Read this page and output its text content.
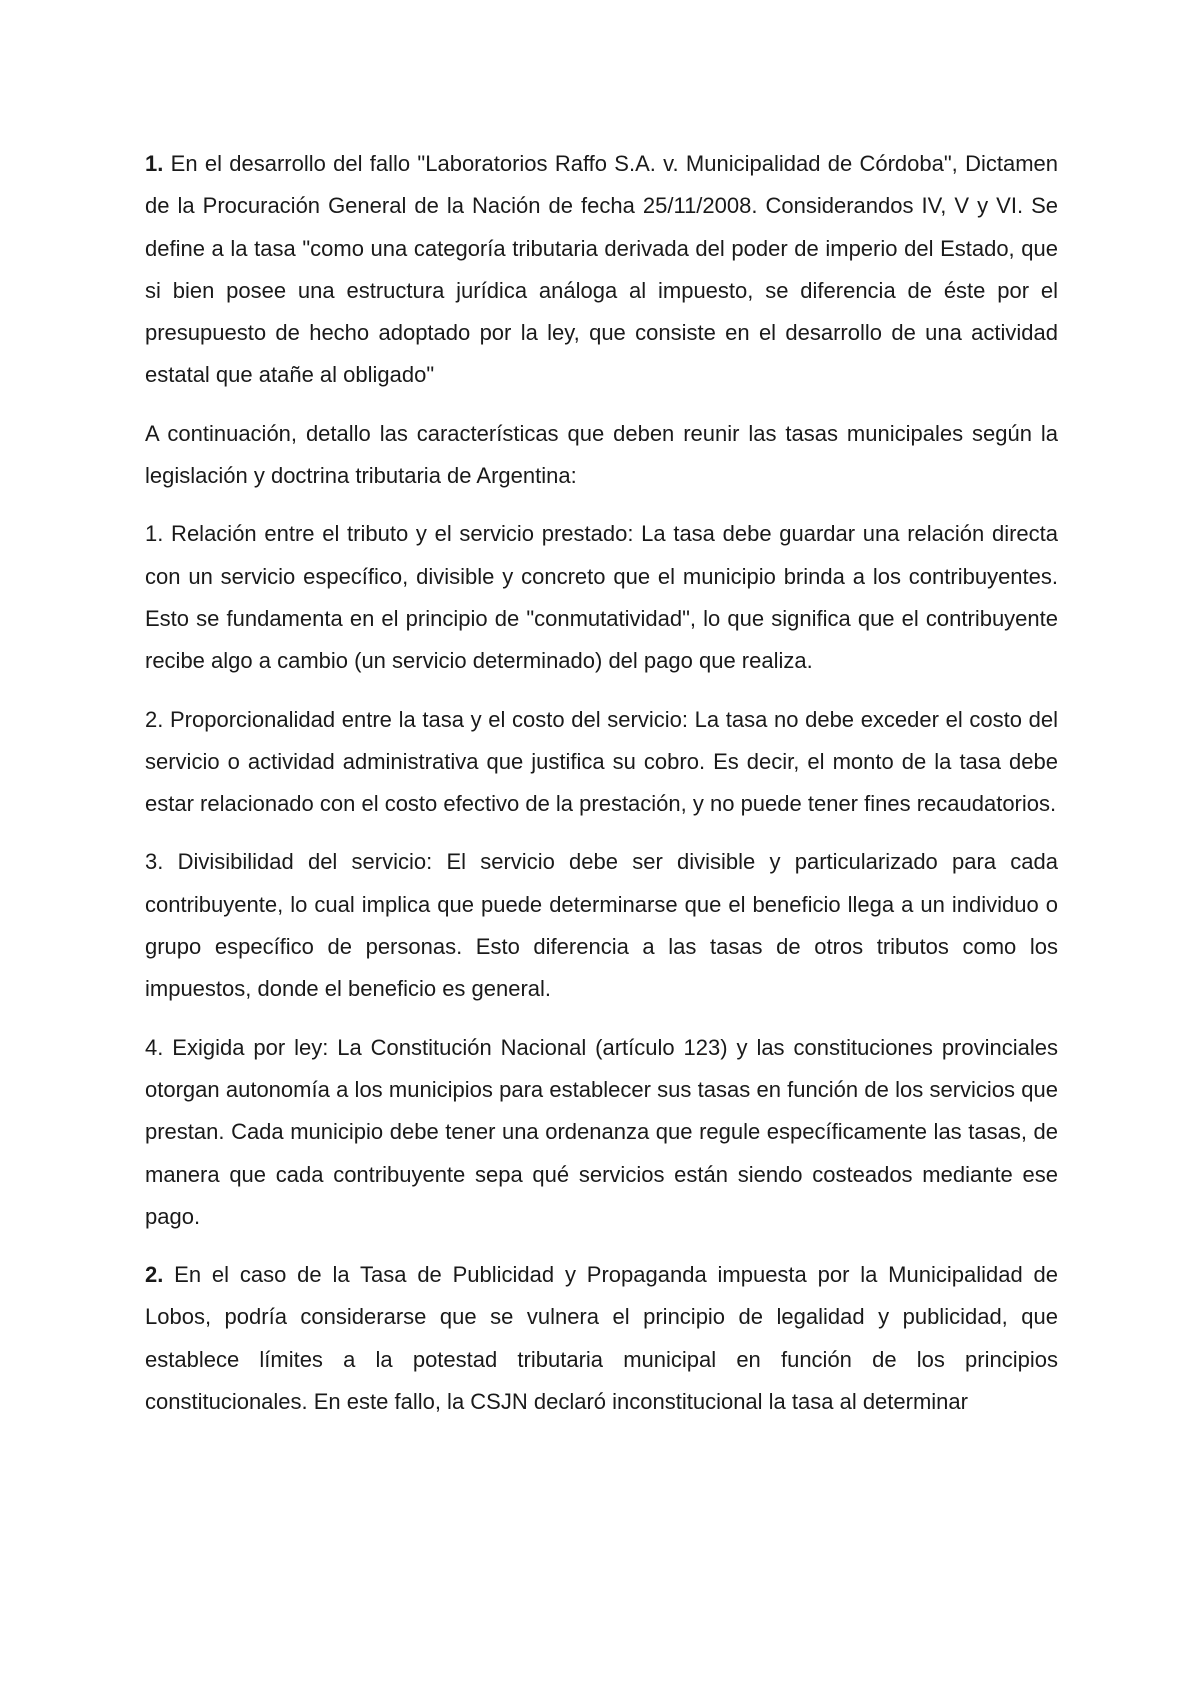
1. En el desarrollo del fallo "Laboratorios Raffo S.A. v. Municipalidad de Córdoba", Dictamen de la Procuración General de la Nación de fecha 25/11/2008. Considerandos IV, V y VI. Se define a la tasa "como una categoría tributaria derivada del poder de imperio del Estado, que si bien posee una estructura jurídica análoga al impuesto, se diferencia de éste por el presupuesto de hecho adoptado por la ley, que consiste en el desarrollo de una actividad estatal que atañe al obligado"

A continuación, detallo las características que deben reunir las tasas municipales según la legislación y doctrina tributaria de Argentina:

1. Relación entre el tributo y el servicio prestado: La tasa debe guardar una relación directa con un servicio específico, divisible y concreto que el municipio brinda a los contribuyentes. Esto se fundamenta en el principio de "conmutatividad", lo que significa que el contribuyente recibe algo a cambio (un servicio determinado) del pago que realiza.

2. Proporcionalidad entre la tasa y el costo del servicio: La tasa no debe exceder el costo del servicio o actividad administrativa que justifica su cobro. Es decir, el monto de la tasa debe estar relacionado con el costo efectivo de la prestación, y no puede tener fines recaudatorios.

3. Divisibilidad del servicio: El servicio debe ser divisible y particularizado para cada contribuyente, lo cual implica que puede determinarse que el beneficio llega a un individuo o grupo específico de personas. Esto diferencia a las tasas de otros tributos como los impuestos, donde el beneficio es general.

4. Exigida por ley: La Constitución Nacional (artículo 123) y las constituciones provinciales otorgan autonomía a los municipios para establecer sus tasas en función de los servicios que prestan. Cada municipio debe tener una ordenanza que regule específicamente las tasas, de manera que cada contribuyente sepa qué servicios están siendo costeados mediante ese pago.

2. En el caso de la Tasa de Publicidad y Propaganda impuesta por la Municipalidad de Lobos, podría considerarse que se vulnera el principio de legalidad y publicidad, que establece límites a la potestad tributaria municipal en función de los principios constitucionales. En este fallo, la CSJN declaró inconstitucional la tasa al determinar
